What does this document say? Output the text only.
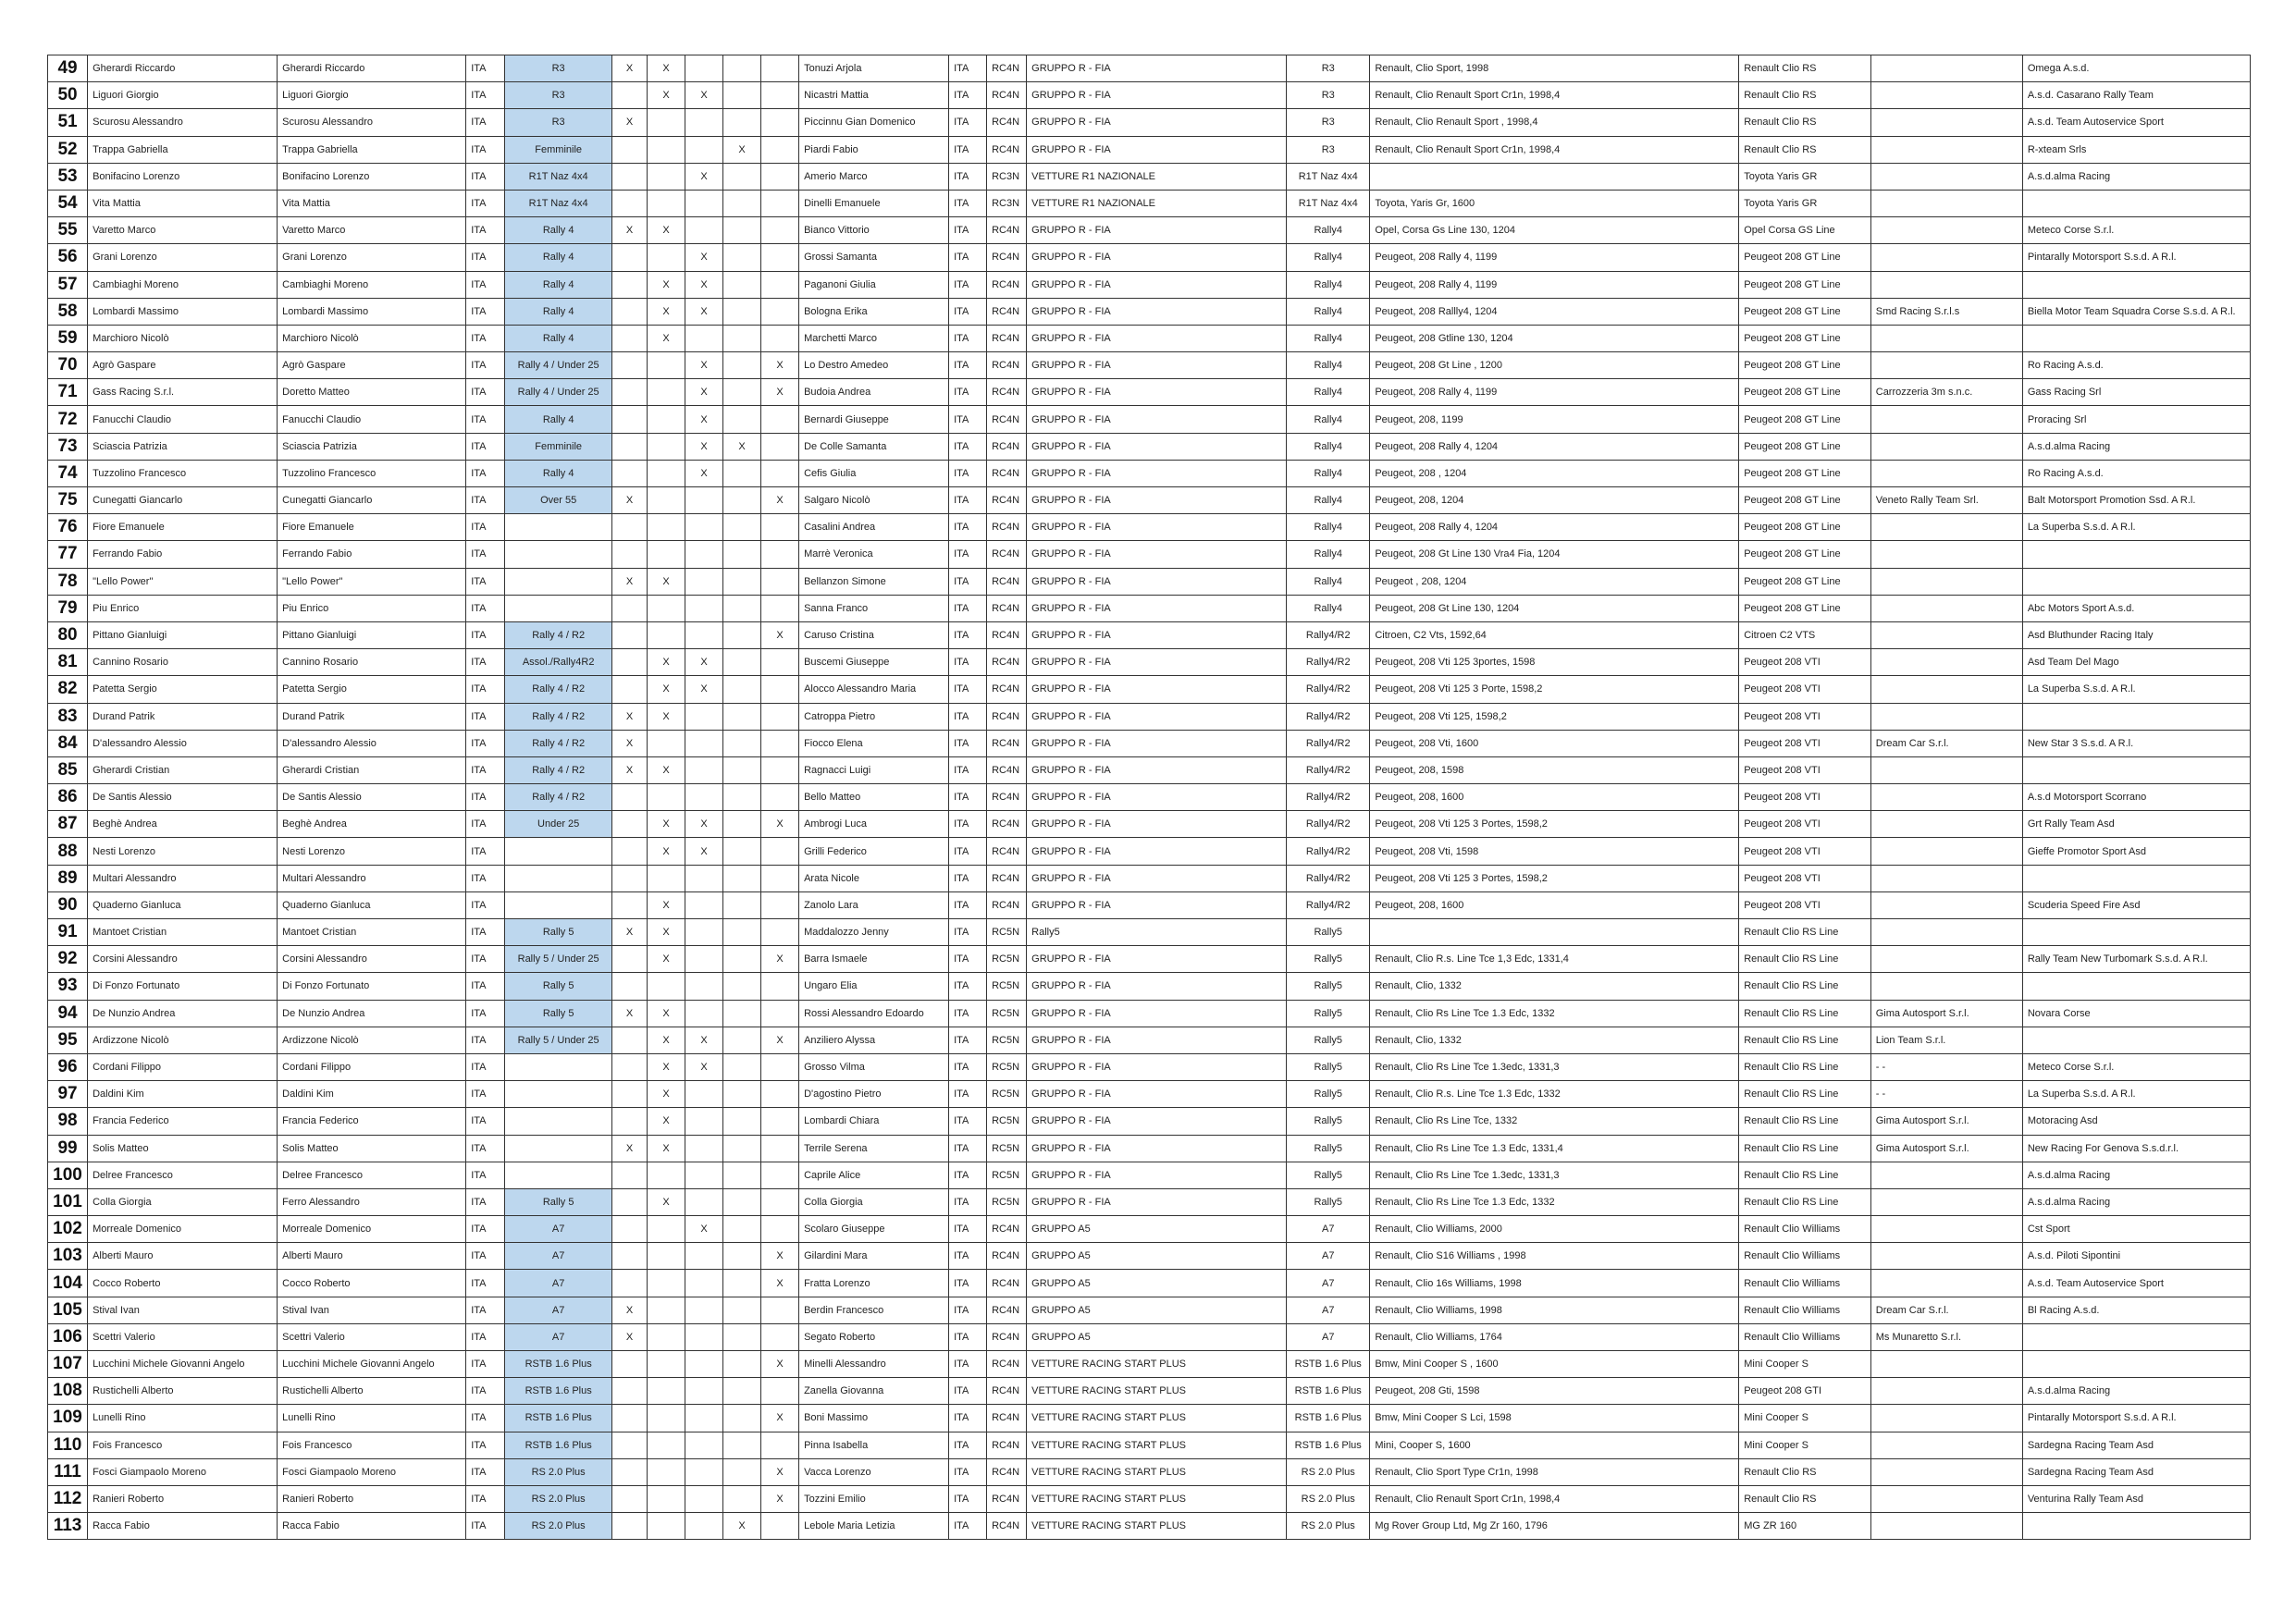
49	Gherardi Riccardo	Gherardi Riccardo	ITA	R3	X	X				Tonuzi Arjola	ITA	RC4N	GRUPPO R - FIA	R3	Renault, Clio Sport, 1998	Renault Clio RS		Omega A.s.d.
50	Liguori Giorgio	Liguori Giorgio	ITA	R3		X	X			Nicastri Mattia	ITA	RC4N	GRUPPO R - FIA	R3	Renault, Clio Renault Sport Cr1n, 1998,4	Renault Clio RS		A.s.d. Casarano Rally Team
51	Scurosu Alessandro	Scurosu Alessandro	ITA	R3	X					Piccinnu Gian Domenico	ITA	RC4N	GRUPPO R - FIA	R3	Renault, Clio Renault Sport , 1998,4	Renault Clio RS		A.s.d. Team Autoservice Sport
52	Trappa Gabriella	Trappa Gabriella	ITA	Femminile				X		Piardi Fabio	ITA	RC4N	GRUPPO R - FIA	R3	Renault, Clio Renault Sport Cr1n, 1998,4	Renault Clio RS		R-xteam Srls
53	Bonifacino Lorenzo	Bonifacino Lorenzo	ITA	R1T Naz 4x4			X			Amerio Marco	ITA	RC3N	VETTURE R1 NAZIONALE	R1T Naz 4x4		Toyota Yaris GR		A.s.d.alma Racing
54	Vita Mattia	Vita Mattia	ITA	R1T Naz 4x4						Dinelli Emanuele	ITA	RC3N	VETTURE R1 NAZIONALE	R1T Naz 4x4	Toyota, Yaris Gr, 1600	Toyota Yaris GR		
55	Varetto Marco	Varetto Marco	ITA	Rally 4	X	X				Bianco Vittorio	ITA	RC4N	GRUPPO R - FIA	Rally4	Opel, Corsa Gs Line 130, 1204	Opel Corsa GS Line		Meteco Corse S.r.l.
56	Grani Lorenzo	Grani Lorenzo	ITA	Rally 4			X			Grossi Samanta	ITA	RC4N	GRUPPO R - FIA	Rally4	Peugeot, 208 Rally 4, 1199	Peugeot 208 GT Line		Pintarally Motorsport S.s.d. A R.l.
57	Cambiaghi Moreno	Cambiaghi Moreno	ITA	Rally 4		X	X			Paganoni Giulia	ITA	RC4N	GRUPPO R - FIA	Rally4	Peugeot, 208 Rally 4, 1199	Peugeot 208 GT Line		
58	Lombardi Massimo	Lombardi Massimo	ITA	Rally 4		X	X			Bologna Erika	ITA	RC4N	GRUPPO R - FIA	Rally4	Peugeot, 208 Rallly4, 1204	Peugeot 208 GT Line	Smd Racing S.r.l.s	Biella Motor Team Squadra Corse S.s.d. A R.l.
59	Marchioro Nicolò	Marchioro Nicolò	ITA	Rally 4		X				Marchetti Marco	ITA	RC4N	GRUPPO R - FIA	Rally4	Peugeot, 208 Gtline 130, 1204	Peugeot 208 GT Line		
70	Agrò Gaspare	Agrò Gaspare	ITA	Rally 4 / Under 25			X		X	Lo Destro Amedeo	ITA	RC4N	GRUPPO R - FIA	Rally4	Peugeot, 208 Gt Line , 1200	Peugeot 208 GT Line		Ro Racing A.s.d.
71	Gass Racing S.r.l.	Doretto Matteo	ITA	Rally 4 / Under 25			X		X	Budoia Andrea	ITA	RC4N	GRUPPO R - FIA	Rally4	Peugeot, 208 Rally 4, 1199	Peugeot 208 GT Line	Carrozzeria 3m s.n.c.	Gass Racing Srl
72	Fanucchi Claudio	Fanucchi Claudio	ITA	Rally 4			X			Bernardi Giuseppe	ITA	RC4N	GRUPPO R - FIA	Rally4	Peugeot, 208, 1199	Peugeot 208 GT Line		Proracing Srl
73	Sciascia Patrizia	Sciascia Patrizia	ITA	Femminile			X	X		De Colle Samanta	ITA	RC4N	GRUPPO R - FIA	Rally4	Peugeot, 208 Rally 4, 1204	Peugeot 208 GT Line		A.s.d.alma Racing
74	Tuzzolino Francesco	Tuzzolino Francesco	ITA	Rally 4			X			Cefis Giulia	ITA	RC4N	GRUPPO R - FIA	Rally4	Peugeot, 208 , 1204	Peugeot 208 GT Line		Ro Racing A.s.d.
75	Cunegatti Giancarlo	Cunegatti Giancarlo	ITA	Over 55	X				X	Salgaro Nicolò	ITA	RC4N	GRUPPO R - FIA	Rally4	Peugeot, 208, 1204	Peugeot 208 GT Line	Veneto Rally Team Srl.	Balt Motorsport Promotion Ssd. A R.l.
76	Fiore Emanuele	Fiore Emanuele	ITA							Casalini Andrea	ITA	RC4N	GRUPPO R - FIA	Rally4	Peugeot, 208 Rally 4, 1204	Peugeot 208 GT Line		La Superba S.s.d. A R.l.
77	Ferrando Fabio	Ferrando Fabio	ITA							Marrè Veronica	ITA	RC4N	GRUPPO R - FIA	Rally4	Peugeot, 208 Gt Line 130 Vra4 Fia, 1204	Peugeot 208 GT Line		
78	"Lello Power"	"Lello Power"	ITA		X	X				Bellanzon Simone	ITA	RC4N	GRUPPO R - FIA	Rally4	Peugeot , 208, 1204	Peugeot 208 GT Line		
79	Piu Enrico	Piu Enrico	ITA							Sanna Franco	ITA	RC4N	GRUPPO R - FIA	Rally4	Peugeot, 208 Gt Line 130, 1204	Peugeot 208 GT Line		Abc Motors Sport A.s.d.
80	Pittano Gianluigi	Pittano Gianluigi	ITA	Rally 4 / R2					X	Caruso Cristina	ITA	RC4N	GRUPPO R - FIA	Rally4/R2	Citroen, C2 Vts, 1592,64	Citroen C2 VTS		Asd Bluthunder Racing Italy
81	Cannino Rosario	Cannino Rosario	ITA	Assol./Rally4R2		X	X			Buscemi Giuseppe	ITA	RC4N	GRUPPO R - FIA	Rally4/R2	Peugeot, 208 Vti 125 3portes, 1598	Peugeot 208 VTI		Asd Team Del Mago
82	Patetta Sergio	Patetta Sergio	ITA	Rally 4 / R2		X	X			Alocco Alessandro Maria	ITA	RC4N	GRUPPO R - FIA	Rally4/R2	Peugeot, 208 Vti 125 3 Porte, 1598,2	Peugeot 208 VTI		La Superba S.s.d. A R.l.
83	Durand Patrik	Durand Patrik	ITA	Rally 4 / R2	X	X				Catroppa Pietro	ITA	RC4N	GRUPPO R - FIA	Rally4/R2	Peugeot, 208 Vti 125, 1598,2	Peugeot 208 VTI		
84	D'alessandro Alessio	D'alessandro Alessio	ITA	Rally 4 / R2	X					Fiocco Elena	ITA	RC4N	GRUPPO R - FIA	Rally4/R2	Peugeot, 208 Vti, 1600	Peugeot 208 VTI	Dream Car S.r.l.	New Star 3 S.s.d. A R.l.
85	Gherardi Cristian	Gherardi Cristian	ITA	Rally 4 / R2	X	X				Ragnacci Luigi	ITA	RC4N	GRUPPO R - FIA	Rally4/R2	Peugeot, 208, 1598	Peugeot 208 VTI		
86	De Santis Alessio	De Santis Alessio	ITA	Rally 4 / R2						Bello Matteo	ITA	RC4N	GRUPPO R - FIA	Rally4/R2	Peugeot, 208, 1600	Peugeot 208 VTI		A.s.d Motorsport Scorrano
87	Beghè Andrea	Beghè Andrea	ITA	Under 25		X	X		X	Ambrogi Luca	ITA	RC4N	GRUPPO R - FIA	Rally4/R2	Peugeot, 208 Vti 125 3 Portes, 1598,2	Peugeot 208 VTI		Grt Rally Team Asd
88	Nesti Lorenzo	Nesti Lorenzo	ITA			X	X			Grilli Federico	ITA	RC4N	GRUPPO R - FIA	Rally4/R2	Peugeot, 208 Vti, 1598	Peugeot 208 VTI		Gieffe Promotor Sport Asd
89	Multari Alessandro	Multari Alessandro	ITA							Arata Nicole	ITA	RC4N	GRUPPO R - FIA	Rally4/R2	Peugeot, 208 Vti 125 3 Portes, 1598,2	Peugeot 208 VTI		
90	Quaderno Gianluca	Quaderno Gianluca	ITA			X				Zanolo Lara	ITA	RC4N	GRUPPO R - FIA	Rally4/R2	Peugeot, 208, 1600	Peugeot 208 VTI		Scuderia Speed Fire Asd
91	Mantoet Cristian	Mantoet Cristian	ITA	Rally 5	X	X				Maddalozzo Jenny	ITA	RC5N	Rally5	Rally5		Renault Clio RS Line		
92	Corsini Alessandro	Corsini Alessandro	ITA	Rally 5 / Under 25		X			X	Barra Ismaele	ITA	RC5N	GRUPPO R - FIA	Rally5	Renault, Clio R.s. Line Tce 1,3 Edc, 1331,4	Renault Clio RS Line		Rally Team New Turbomark S.s.d. A R.l.
93	Di Fonzo Fortunato	Di Fonzo Fortunato	ITA	Rally 5						Ungaro Elia	ITA	RC5N	GRUPPO R - FIA	Rally5	Renault, Clio, 1332	Renault Clio RS Line		
94	De Nunzio Andrea	De Nunzio Andrea	ITA	Rally 5	X	X				Rossi Alessandro Edoardo	ITA	RC5N	GRUPPO R - FIA	Rally5	Renault, Clio Rs Line Tce 1.3 Edc, 1332	Renault Clio RS Line	Gima Autosport S.r.l.	Novara Corse
95	Ardizzone Nicolò	Ardizzone Nicolò	ITA	Rally 5 / Under 25		X	X		X	Anziliero Alyssa	ITA	RC5N	GRUPPO R - FIA	Rally5	Renault, Clio, 1332	Renault Clio RS Line	Lion Team S.r.l.	
96	Cordani Filippo	Cordani Filippo	ITA			X	X			Grosso Vilma	ITA	RC5N	GRUPPO R - FIA	Rally5	Renault, Clio Rs Line Tce 1.3edc, 1331,3	Renault Clio RS Line	- -	Meteco Corse S.r.l.
97	Daldini Kim	Daldini Kim	ITA			X				D'agostino Pietro	ITA	RC5N	GRUPPO R - FIA	Rally5	Renault, Clio R.s. Line Tce 1.3 Edc, 1332	Renault Clio RS Line	- -	La Superba S.s.d. A R.l.
98	Francia Federico	Francia Federico	ITA			X				Lombardi Chiara	ITA	RC5N	GRUPPO R - FIA	Rally5	Renault, Clio Rs Line Tce, 1332	Renault Clio RS Line	Gima Autosport S.r.l.	Motoracing Asd
99	Solis Matteo	Solis Matteo	ITA		X	X				Terrile Serena	ITA	RC5N	GRUPPO R - FIA	Rally5	Renault, Clio Rs Line Tce 1.3 Edc, 1331,4	Renault Clio RS Line	Gima Autosport S.r.l.	New Racing For Genova S.s.d.r.l.
100	Delree Francesco	Delree Francesco	ITA							Caprile Alice	ITA	RC5N	GRUPPO R - FIA	Rally5	Renault, Clio Rs Line Tce 1.3edc, 1331,3	Renault Clio RS Line		A.s.d.alma Racing
101	Colla Giorgia	Ferro Alessandro	ITA	Rally 5		X				Colla Giorgia	ITA	RC5N	GRUPPO R - FIA	Rally5	Renault, Clio Rs Line Tce 1.3 Edc, 1332	Renault Clio RS Line		A.s.d.alma Racing
102	Morreale Domenico	Morreale Domenico	ITA	A7			X			Scolaro Giuseppe	ITA	RC4N	GRUPPO A5	A7	Renault, Clio Williams, 2000	Renault Clio Williams		Cst Sport
103	Alberti Mauro	Alberti Mauro	ITA	A7					X	Gilardini Mara	ITA	RC4N	GRUPPO A5	A7	Renault, Clio S16 Williams , 1998	Renault Clio Williams		A.s.d. Piloti Sipontini
104	Cocco Roberto	Cocco Roberto	ITA	A7					X	Fratta Lorenzo	ITA	RC4N	GRUPPO A5	A7	Renault, Clio 16s Williams, 1998	Renault Clio Williams		A.s.d. Team Autoservice Sport
105	Stival Ivan	Stival Ivan	ITA	A7	X					Berdin Francesco	ITA	RC4N	GRUPPO A5	A7	Renault, Clio Williams, 1998	Renault Clio Williams	Dream Car S.r.l.	Bl Racing A.s.d.
106	Scettri Valerio	Scettri Valerio	ITA	A7	X					Segato Roberto	ITA	RC4N	GRUPPO A5	A7	Renault, Clio Williams, 1764	Renault Clio Williams	Ms Munaretto S.r.l.	
107	Lucchini Michele Giovanni Angelo	Lucchini Michele Giovanni Angelo	ITA	RSTB 1.6 Plus					X	Minelli Alessandro	ITA	RC4N	VETTURE RACING START PLUS	RSTB 1.6 Plus	Bmw, Mini Cooper S , 1600	Mini Cooper S		
108	Rustichelli Alberto	Rustichelli Alberto	ITA	RSTB 1.6 Plus						Zanella Giovanna	ITA	RC4N	VETTURE RACING START PLUS	RSTB 1.6 Plus	Peugeot, 208 Gti, 1598	Peugeot 208 GTI		A.s.d.alma Racing
109	Lunelli Rino	Lunelli Rino	ITA	RSTB 1.6 Plus					X	Boni Massimo	ITA	RC4N	VETTURE RACING START PLUS	RSTB 1.6 Plus	Bmw, Mini Cooper S Lci, 1598	Mini Cooper S		Pintarally Motorsport S.s.d. A R.l.
110	Fois Francesco	Fois Francesco	ITA	RSTB 1.6 Plus						Pinna Isabella	ITA	RC4N	VETTURE RACING START PLUS	RSTB 1.6 Plus	Mini, Cooper S, 1600	Mini Cooper S		Sardegna Racing Team Asd
111	Fosci Giampaolo Moreno	Fosci Giampaolo Moreno	ITA	RS 2.0 Plus					X	Vacca Lorenzo	ITA	RC4N	VETTURE RACING START PLUS	RS 2.0 Plus	Renault, Clio Sport Type Cr1n, 1998	Renault Clio RS		Sardegna Racing Team Asd
112	Ranieri Roberto	Ranieri Roberto	ITA	RS 2.0 Plus					X	Tozzini Emilio	ITA	RC4N	VETTURE RACING START PLUS	RS 2.0 Plus	Renault, Clio Renault Sport Cr1n, 1998,4	Renault Clio RS		Venturina Rally Team Asd
113	Racca Fabio	Racca Fabio	ITA	RS 2.0 Plus				X		Lebole Maria Letizia	ITA	RC4N	VETTURE RACING START PLUS	RS 2.0 Plus	Mg Rover Group Ltd, Mg Zr 160, 1796	MG ZR 160		
